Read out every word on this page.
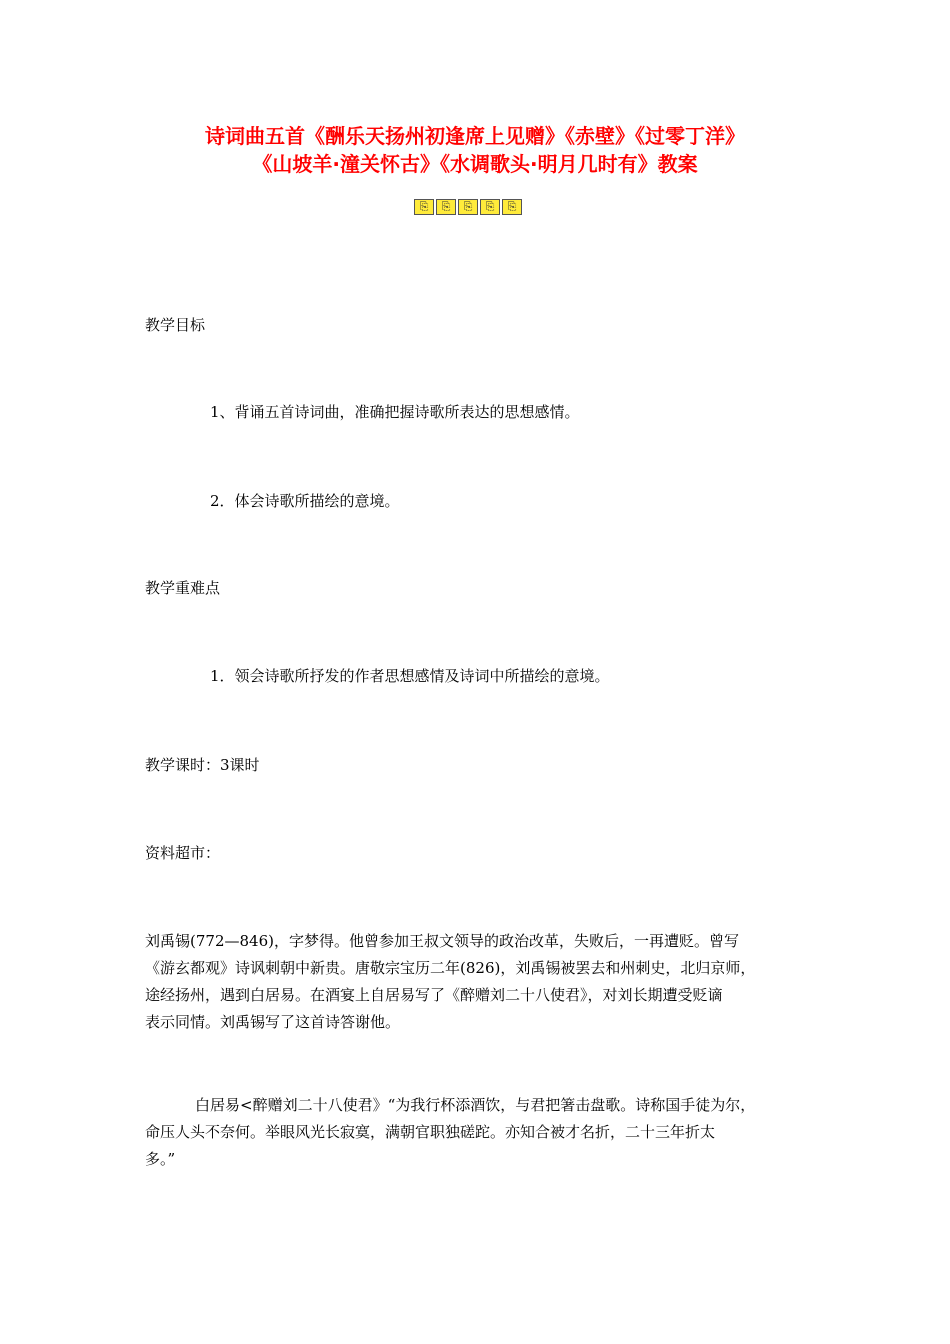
诗词曲五首《酬乐天扬州初逢席上见赠》《赤壁》《过零丁洋》
《山坡羊·潼关怀古》《水调歌头·明月几时有》教案
⎘	⎘	⎘	⎘	⎘

教学目标

1、背诵五首诗词曲，准确把握诗歌所表达的思想感情。

2．体会诗歌所描绘的意境。

教学重难点

1．领会诗歌所抒发的作者思想感情及诗词中所描绘的意境。

教学课时：3课时

资料超市：

刘禹锡(772—846)，字梦得。他曾参加王叔文领导的政治改革，失败后，一再遭贬。曾写
《游玄都观》诗讽刺朝中新贵。唐敬宗宝历二年(826)，刘禹锡被罢去和州刺史，北归京师，
途经扬州，遇到白居易。在酒宴上自居易写了《醉赠刘二十八使君》，对刘长期遭受贬谪
表示同情。刘禹锡写了这首诗答谢他。
白居易<醉赠刘二十八使君》“为我行杯添酒饮，与君把箸击盘歌。诗称国手徒为尔，
命压人头不奈何。举眼风光长寂寞，满朝官职独磋跎。亦知合被才名折，二十三年折太
多。”
